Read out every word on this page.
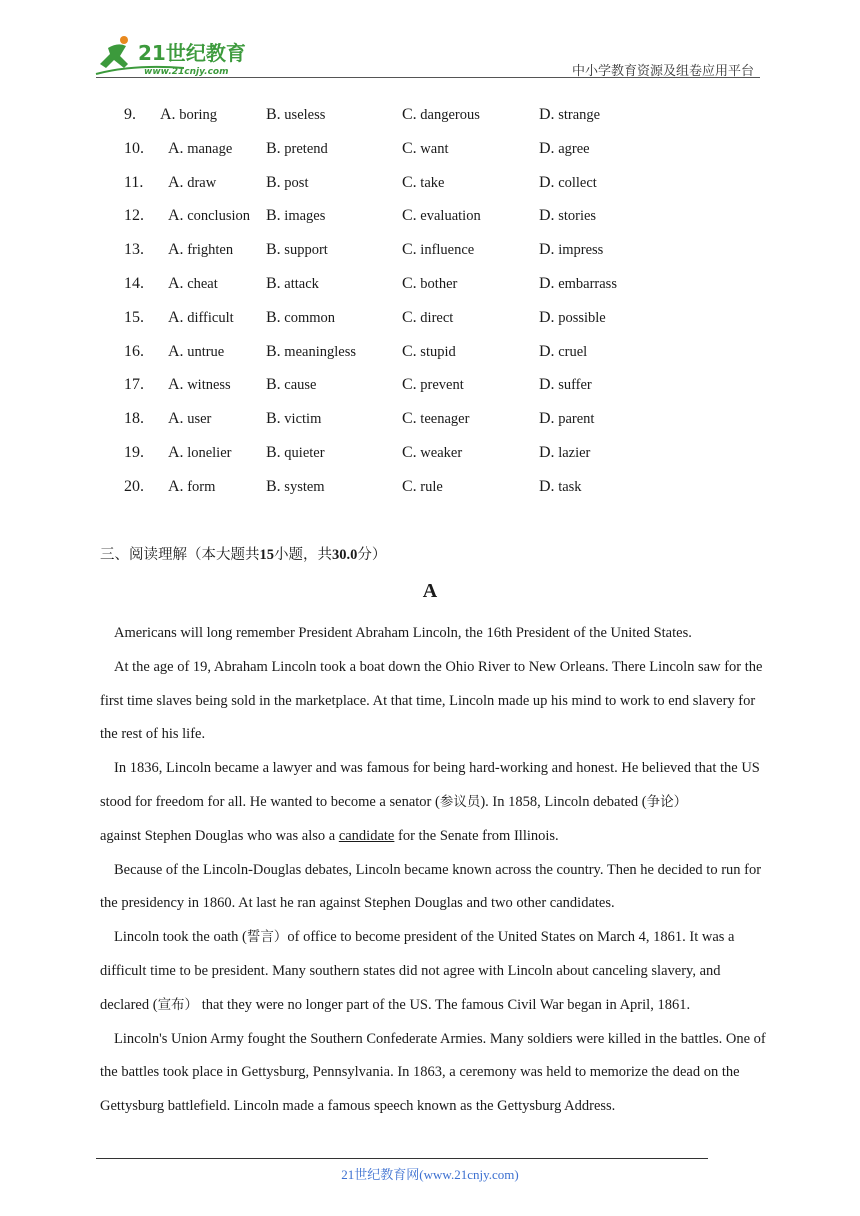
21世纪教育
www.21cnjy.com	中小学教育资源及组卷应用平台
9. A. boring	B. useless	C. dangerous	D. strange
10. A. manage B. pretend	C. want	D. agree
11. A. draw	B. post	C. take	D. collect
12. A. conclusion B. images	C. evaluation	D. stories
13. A. frighten B. support	C. influence	D. impress
14. A. cheat	B. attack	C. bother	D. embarrass
15. A. difficult B. common	C. direct	D. possible
16. A. untrue	B. meaningless	C. stupid	D. cruel
17. A. witness B. cause	C. prevent	D. suffer
18. A. user	B. victim	C. teenager	D. parent
19. A. lonelier B. quieter	C. weaker	D. lazier
20. A. form	B. system	C. rule	D. task
三、阅读理解（本大题共15小题，共30.0分）
A

Americans will long remember President Abraham Lincoln, the 16th President of the United States.

At the age of 19, Abraham Lincoln took a boat down the Ohio River to New Orleans. There Lincoln saw for the first time slaves being sold in the marketplace. At that time, Lincoln made up his mind to work to end slavery for the rest of his life.

In 1836, Lincoln became a lawyer and was famous for being hard-working and honest. He believed that the US stood for freedom for all. He wanted to become a senator (参议员). In 1858, Lincoln debated (争论）
against Stephen Douglas who was also a candidate for the Senate from Illinois.

Because of the Lincoln-Douglas debates, Lincoln became known across the country. Then he decided to run for the presidency in 1860. At last he ran against Stephen Douglas and two other candidates.

Lincoln took the oath (誓言）of office to become president of the United States on March 4, 1861. It was a difficult time to be president. Many southern states did not agree with Lincoln about canceling slavery, and declared (宣布） that they were no longer part of the US. The famous Civil War began in April, 1861.

Lincoln's Union Army fought the Southern Confederate Armies. Many soldiers were killed in the battles. One of the battles took place in Gettysburg, Pennsylvania. In 1863, a ceremony was held to memorize the dead on the Gettysburg battlefield. Lincoln made a famous speech known as the Gettysburg Address.

21世纪教育网(www.21cnjy.com)
